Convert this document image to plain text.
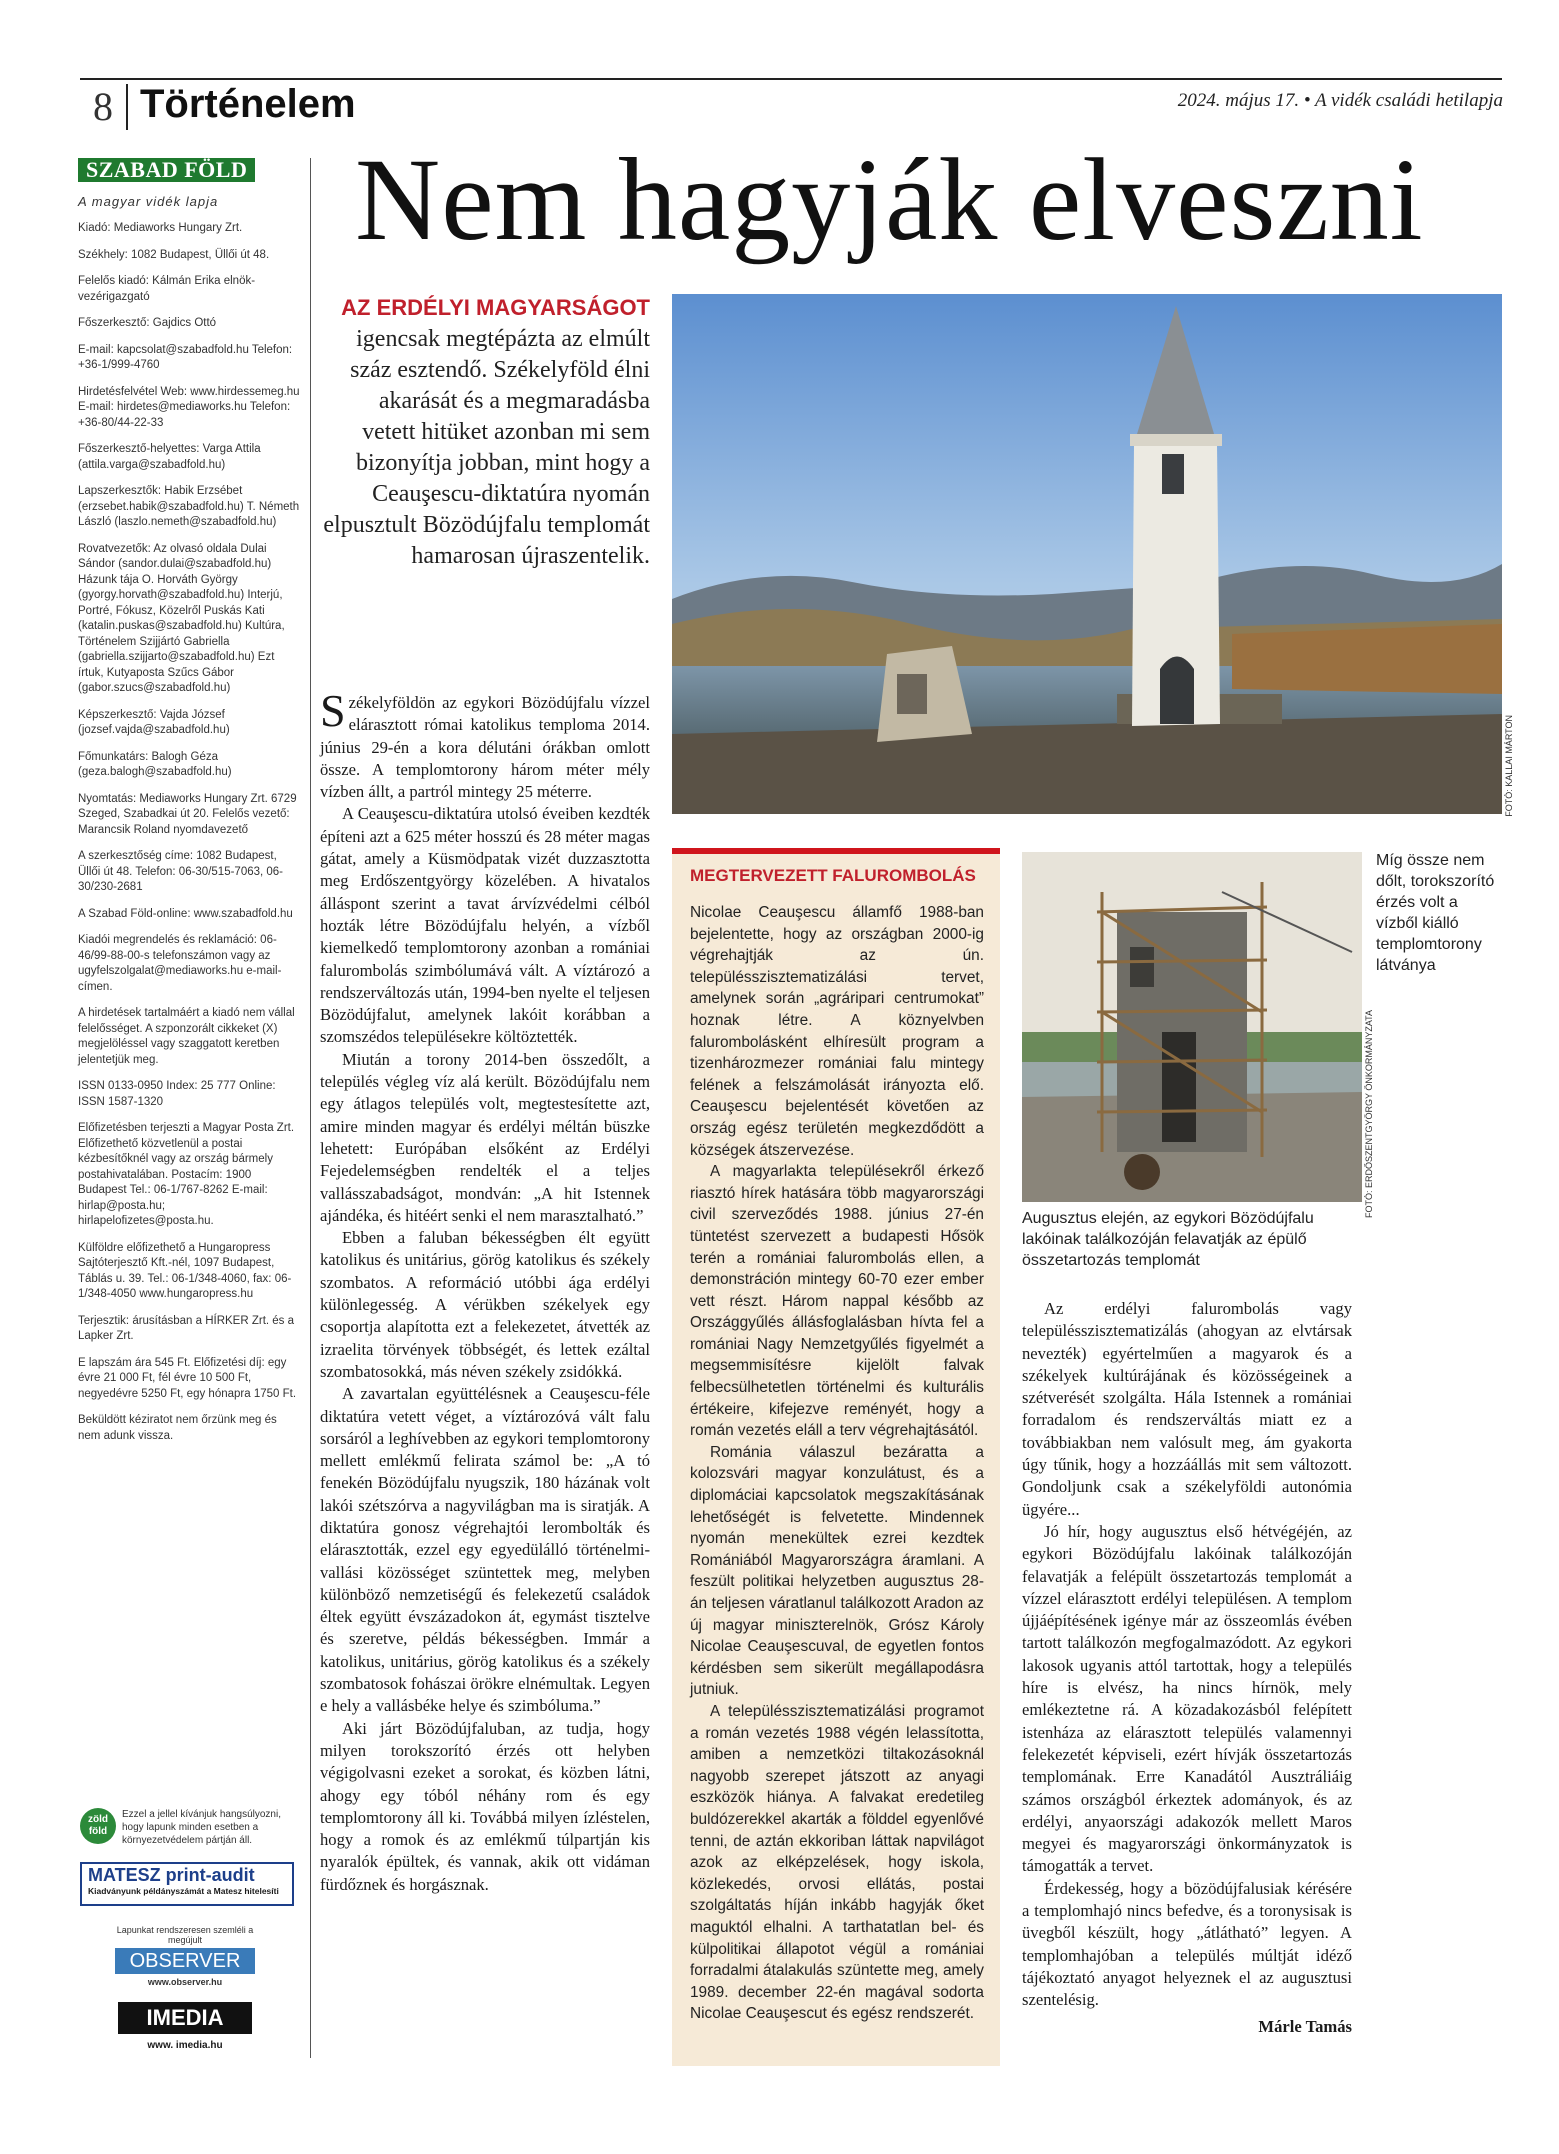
8 Történelem	2024. május 17. • A vidék családi hetilapja
SZABAD FÖLD
A magyar vidék lapja

Kiadó: Mediaworks Hungary Zrt.

Székhely: 1082 Budapest, Üllői út 48.

Felelős kiadó: Kálmán Erika elnök-vezérigazgató

Főszerkesztő: Gajdics Ottó

E-mail: kapcsolat@szabadfold.hu Telefon: +36-1/999-4760

Hirdetésfelvétel Web: www.hirdessemeg.hu E-mail: hirdetes@mediaworks.hu Telefon: +36-80/44-22-33

Főszerkesztő-helyettes: Varga Attila (attila.varga@szabadfold.hu)

Lapszerkesztők: Habik Erzsébet (erzsebet.habik@szabadfold.hu) T. Németh László (laszlo.nemeth@szabadfold.hu)

Rovatvezetők: Az olvasó oldala Dulai Sándor (sandor.dulai@szabadfold.hu) Házunk tája O. Horváth György (gyorgy.horvath@szabadfold.hu) Interjú, Portré, Fókusz, Közelről Puskás Kati (katalin.puskas@szabadfold.hu) Kultúra, Történelem Szijjártó Gabriella (gabriella.szijjarto@szabadfold.hu) Ezt írtuk, Kutyaposta Szűcs Gábor (gabor.szucs@szabadfold.hu)

Képszerkesztő: Vajda József (jozsef.vajda@szabadfold.hu)

Főmunkatárs: Balogh Géza (geza.balogh@szabadfold.hu)

Nyomtatás: Mediaworks Hungary Zrt. 6729 Szeged, Szabadkai út 20. Felelős vezető: Marancsik Roland nyomdavezető

A szerkesztőség címe: 1082 Budapest, Üllői út 48. Telefon: 06-30/515-7063, 06-30/230-2681

A Szabad Föld-online: www.szabadfold.hu

Kiadói megrendelés és reklamáció: 06-46/99-88-00-s telefonszámon vagy az ugyfelszolgalat@mediaworks.hu e-mail-címen.

A hirdetések tartalmáért a kiadó nem vállal felelősséget. A szponzorált cikkeket (X) megjelöléssel vagy szaggatott keretben jelentetjük meg.

ISSN 0133-0950 Index: 25 777 Online: ISSN 1587-1320

Előfizetésben terjeszti a Magyar Posta Zrt. Előfizethető közvetlenül a postai kézbesítőknél vagy az ország bármely postahivatalában. Postacím: 1900 Budapest Tel.: 06-1/767-8262 E-mail: hirlap@posta.hu; hirlapelofizetes@posta.hu.

Külföldre előfizethető a Hungaropress Sajtóterjesztő Kft.-nél, 1097 Budapest, Táblás u. 39. Tel.: 06-1/348-4060, fax: 06-1/348-4050 www.hungaropress.hu

Terjesztik: árusításban a HÍRKER Zrt. és a Lapker Zrt.

E lapszám ára 545 Ft. Előfizetési díj: egy évre 21 000 Ft, fél évre 10 500 Ft, negyedévre 5250 Ft, egy hónapra 1750 Ft.

Beküldött kéziratot nem őrzünk meg és nem adunk vissza.

zöld föld
Ezzel a jellel kívánjuk hangsúlyozni, hogy lapunk minden esetben a környezetvédelem pártján áll.
MATESZ print-audit
Kiadványunk példányszámát a Matesz hitelesíti
Lapunkat rendszeresen szemléli a megújult
OBSERVER
www.observer.hu
IMEDIA
www. imedia.hu
Nem hagyják elveszni
AZ ERDÉLYI MAGYARSÁGOT igencsak megtépázta az elmúlt száz esztendő. Székelyföld élni akarását és a megmaradásba vetett hitüket azonban mi sem bizonyítja jobban, mint hogy a Ceauşescu-diktatúra nyomán elpusztult Bözödújfalu templomát hamarosan újraszentelik.

Székelyföldön az egykori Bözödújfalu vízzel elárasztott római katolikus temploma 2014. június 29-én a kora délutáni órákban omlott össze. A templomtorony három méter mély vízben állt, a partról mintegy 25 méterre.

A Ceauşescu-diktatúra utolsó éveiben kezdték építeni azt a 625 méter hosszú és 28 méter magas gátat, amely a Küsmödpatak vizét duzzasztotta meg Erdőszentgyörgy közelében. A hivatalos álláspont szerint a tavat árvízvédelmi célból hozták létre Bözödújfalu helyén, a vízből kiemelkedő templomtorony azonban a romániai falurombolás szimbólumává vált. A víztározó a rendszerváltozás után, 1994-ben nyelte el teljesen Bözödújfalut, amelynek lakóit korábban a szomszédos településekre költöztették.

Miután a torony 2014-ben összedőlt, a település végleg víz alá került. Bözödújfalu nem egy átlagos település volt, megtestesítette azt, amire minden magyar és erdélyi méltán büszke lehetett: Európában elsőként az Erdélyi Fejedelemségben rendelték el a teljes vallásszabadságot, mondván: „A hit Istennek ajándéka, és hitéért senki el nem marasztalható.”

Ebben a faluban békességben élt együtt katolikus és unitárius, görög katolikus és székely szombatos. A reformáció utóbbi ága erdélyi különlegesség. A vérükben székelyek egy csoportja alapította ezt a felekezetet, átvették az izraelita törvények többségét, és lettek ezáltal szombatosokká, más néven székely zsidókká.

A zavartalan együttélésnek a Ceauşescu-féle diktatúra vetett véget, a víztározóvá vált falu sorsáról a leghívebben az egykori templomtorony mellett emlékmű felirata számol be: „A tó fenekén Bözödújfalu nyugszik, 180 házának volt lakói szétszórva a nagyvilágban ma is siratják. A diktatúra gonosz végrehajtói lerombolták és elárasztották, ezzel egy egyedülálló történelmi-vallási közösséget szüntettek meg, melyben különböző nemzetiségű és felekezetű családok éltek együtt évszázadokon át, egymást tisztelve és szeretve, példás békességben. Immár a katolikus, unitárius, görög katolikus és a székely szombatosok fohászai örökre elnémultak. Legyen e hely a vallásbéke helye és szimbóluma.”

Aki járt Bözödújfaluban, az tudja, hogy milyen torokszorító érzés ott helyben végigolvasni ezeket a sorokat, és közben látni, ahogy egy tóból néhány rom és egy templomtorony áll ki. Továbbá milyen ízléstelen, hogy a romok és az emlékmű túlpartján kis nyaralók épültek, és vannak, akik ott vidáman fürdőznek és horgásznak.

FOTÓ: KALLAI MÁRTON
Míg össze nem dőlt, torokszorító érzés volt a vízből kiálló templomtorony látványa
MEGTERVEZETT FALUROMBOLÁS

Nicolae Ceauşescu államfő 1988-ban bejelentette, hogy az országban 2000-ig végrehajtják az ún. településszisztematizálási tervet, amelynek során „agráripari centrumokat” hoznak létre. A köznyelvben falurombolásként elhíresült program a tizenhározmezer romániai falu mintegy felének a felszámolását irányozta elő. Ceauşescu bejelentését követően az ország egész területén megkezdődött a községek átszervezése.

A magyarlakta településekről érkező riasztó hírek hatására több magyarországi civil szerveződés 1988. június 27-én tüntetést szervezett a budapesti Hősök terén a romániai falurombolás ellen, a demonstráción mintegy 60-70 ezer ember vett részt. Három nappal később az Országgyűlés állásfoglalásban hívta fel a romániai Nagy Nemzetgyűlés figyelmét a megsemmisítésre kijelölt falvak felbecsülhetetlen történelmi és kulturális értékeire, kifejezve reményét, hogy a román vezetés eláll a terv végrehajtásától.

Románia válaszul bezáratta a kolozsvári magyar konzulátust, és a diplomáciai kapcsolatok megszakításának lehetőségét is felvetette. Mindennek nyomán menekültek ezrei kezdtek Romániából Magyarországra áramlani. A feszült politikai helyzetben augusztus 28-án teljesen váratlanul találkozott Aradon az új magyar miniszterelnök, Grósz Károly Nicolae Ceauşescuval, de egyetlen fontos kérdésben sem sikerült megállapodásra jutniuk.

A településszisztematizálási programot a román vezetés 1988 végén lelassította, amiben a nemzetközi tiltakozásoknál nagyobb szerepet játszott az anyagi eszközök hiánya. A falvakat eredetileg buldózerekkel akarták a földdel egyenlővé tenni, de aztán ekkoriban láttak napvilágot azok az elképzelések, hogy iskola, közlekedés, orvosi ellátás, postai szolgáltatás híján inkább hagyják őket maguktól elhalni. A tarthatatlan bel- és külpolitikai állapotot végül a romániai forradalmi átalakulás szüntette meg, amely 1989. december 22-én magával sodorta Nicolae Ceauşescut és egész rendszerét.

FOTÓ: ERDŐSZENTGYÖRGY ÖNKORMÁNYZATA
Augusztus elején, az egykori Bözödújfalu lakóinak találkozóján felavatják az épülő összetartozás templomát

Az erdélyi falurombolás vagy településszisztematizálás (ahogyan az elvtársak nevezték) egyértelműen a magyarok és a székelyek kultúrájának és közösségeinek a szétverését szolgálta. Hála Istennek a romániai forradalom és rendszerváltás miatt ez a továbbiakban nem valósult meg, ám gyakorta úgy tűnik, hogy a hozzáállás mit sem változott. Gondoljunk csak a székelyföldi autonómia ügyére...

Jó hír, hogy augusztus első hétvégéjén, az egykori Bözödújfalu lakóinak találkozóján felavatják a felépült összetartozás templomát a vízzel elárasztott erdélyi településen. A templom újjáépítésének igénye már az összeomlás évében tartott találkozón megfogalmazódott. Az egykori lakosok ugyanis attól tartottak, hogy a település híre is elvész, ha nincs hírnök, mely emlékeztetne rá. A közadakozásból felépített istenháza az elárasztott település valamennyi felekezetét képviseli, ezért hívják összetartozás templomának. Erre Kanadától Ausztráliáig számos országból érkeztek adományok, és az erdélyi, anyaországi adakozók mellett Maros megyei és magyarországi önkormányzatok is támogatták a tervet.

Érdekesség, hogy a bözödújfalusiak kérésére a templomhajó nincs befedve, és a toronysisak is üvegből készült, hogy „átlátható” legyen. A templomhajóban a település múltját idéző tájékoztató anyagot helyeznek el az augusztusi szentelésig.

Márle Tamás
